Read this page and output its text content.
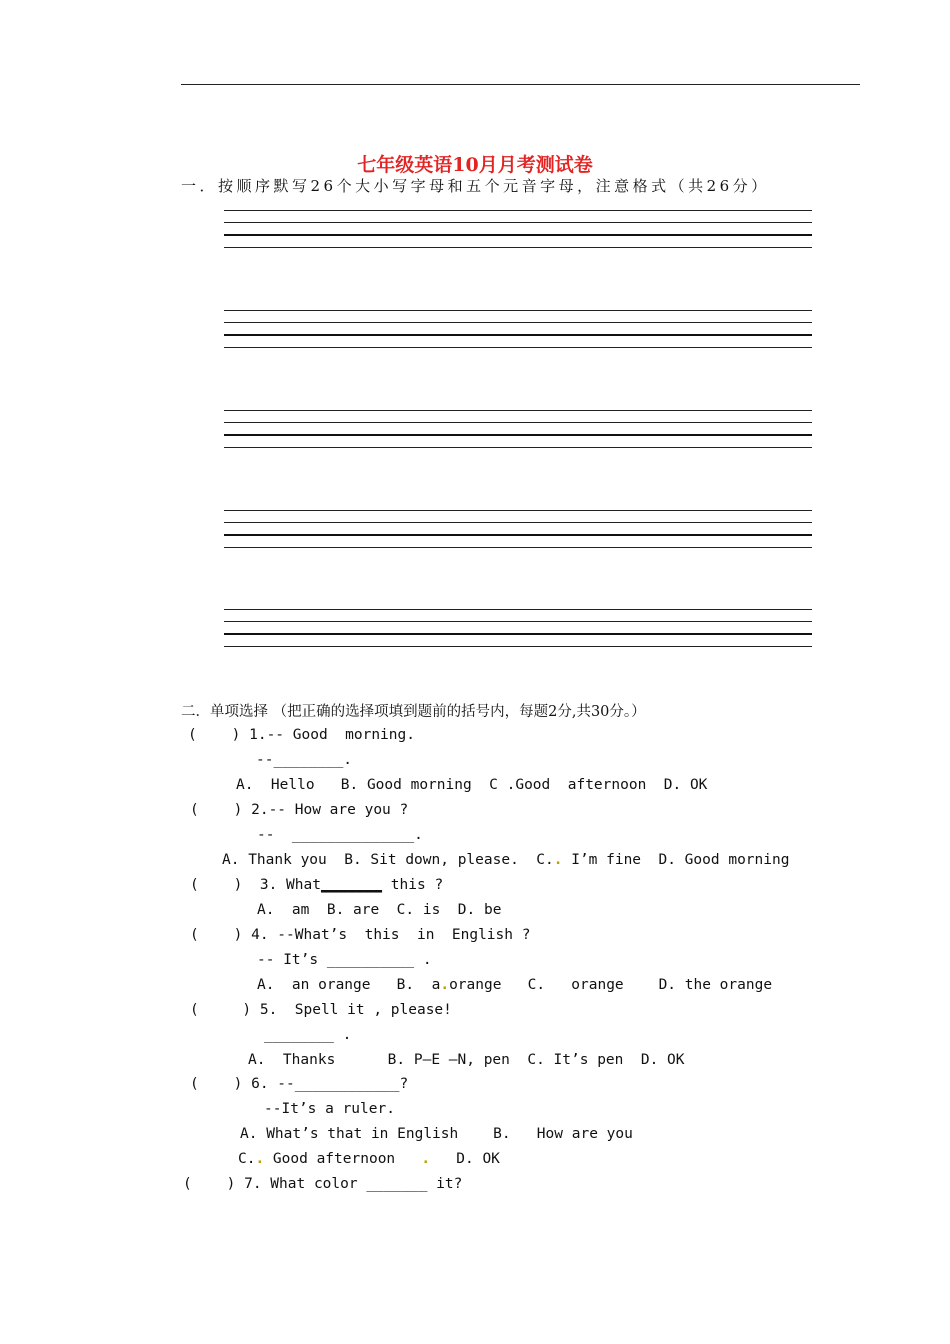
七年级英语10月月考测试卷
一．按顺序默写26个大小写字母和五个元音字母，注意格式（共26分）
二．单项选择 （把正确的选择项填到题前的括号内，每题2分,共30分。）
(    ) 1.-- Good  morning.
--________.
A.  Hello   B. Good morning  C .Good  afternoon  D. OK
(    ) 2.-- How are you ?
--  ______________.
A. Thank you  B. Sit down, please.  C.. I’m fine  D. Good morning
(    )  3. What_______ this ?
A.  am  B. are  C. is  D. be
(    ) 4. --What’s  this  in  English ?
-- It’s __________ .
A.  an orange   B.  a.orange   C.   orange    D. the orange
(     ) 5.  Spell it , please!
________ .
A.  Thanks      B. P—E –N, pen  C. It’s pen  D. OK
(    ) 6. --____________?
--It’s a ruler.
A. What’s that in English    B.   How are you
C.. Good afternoon   .   D. OK
(    ) 7. What color _______ it?
